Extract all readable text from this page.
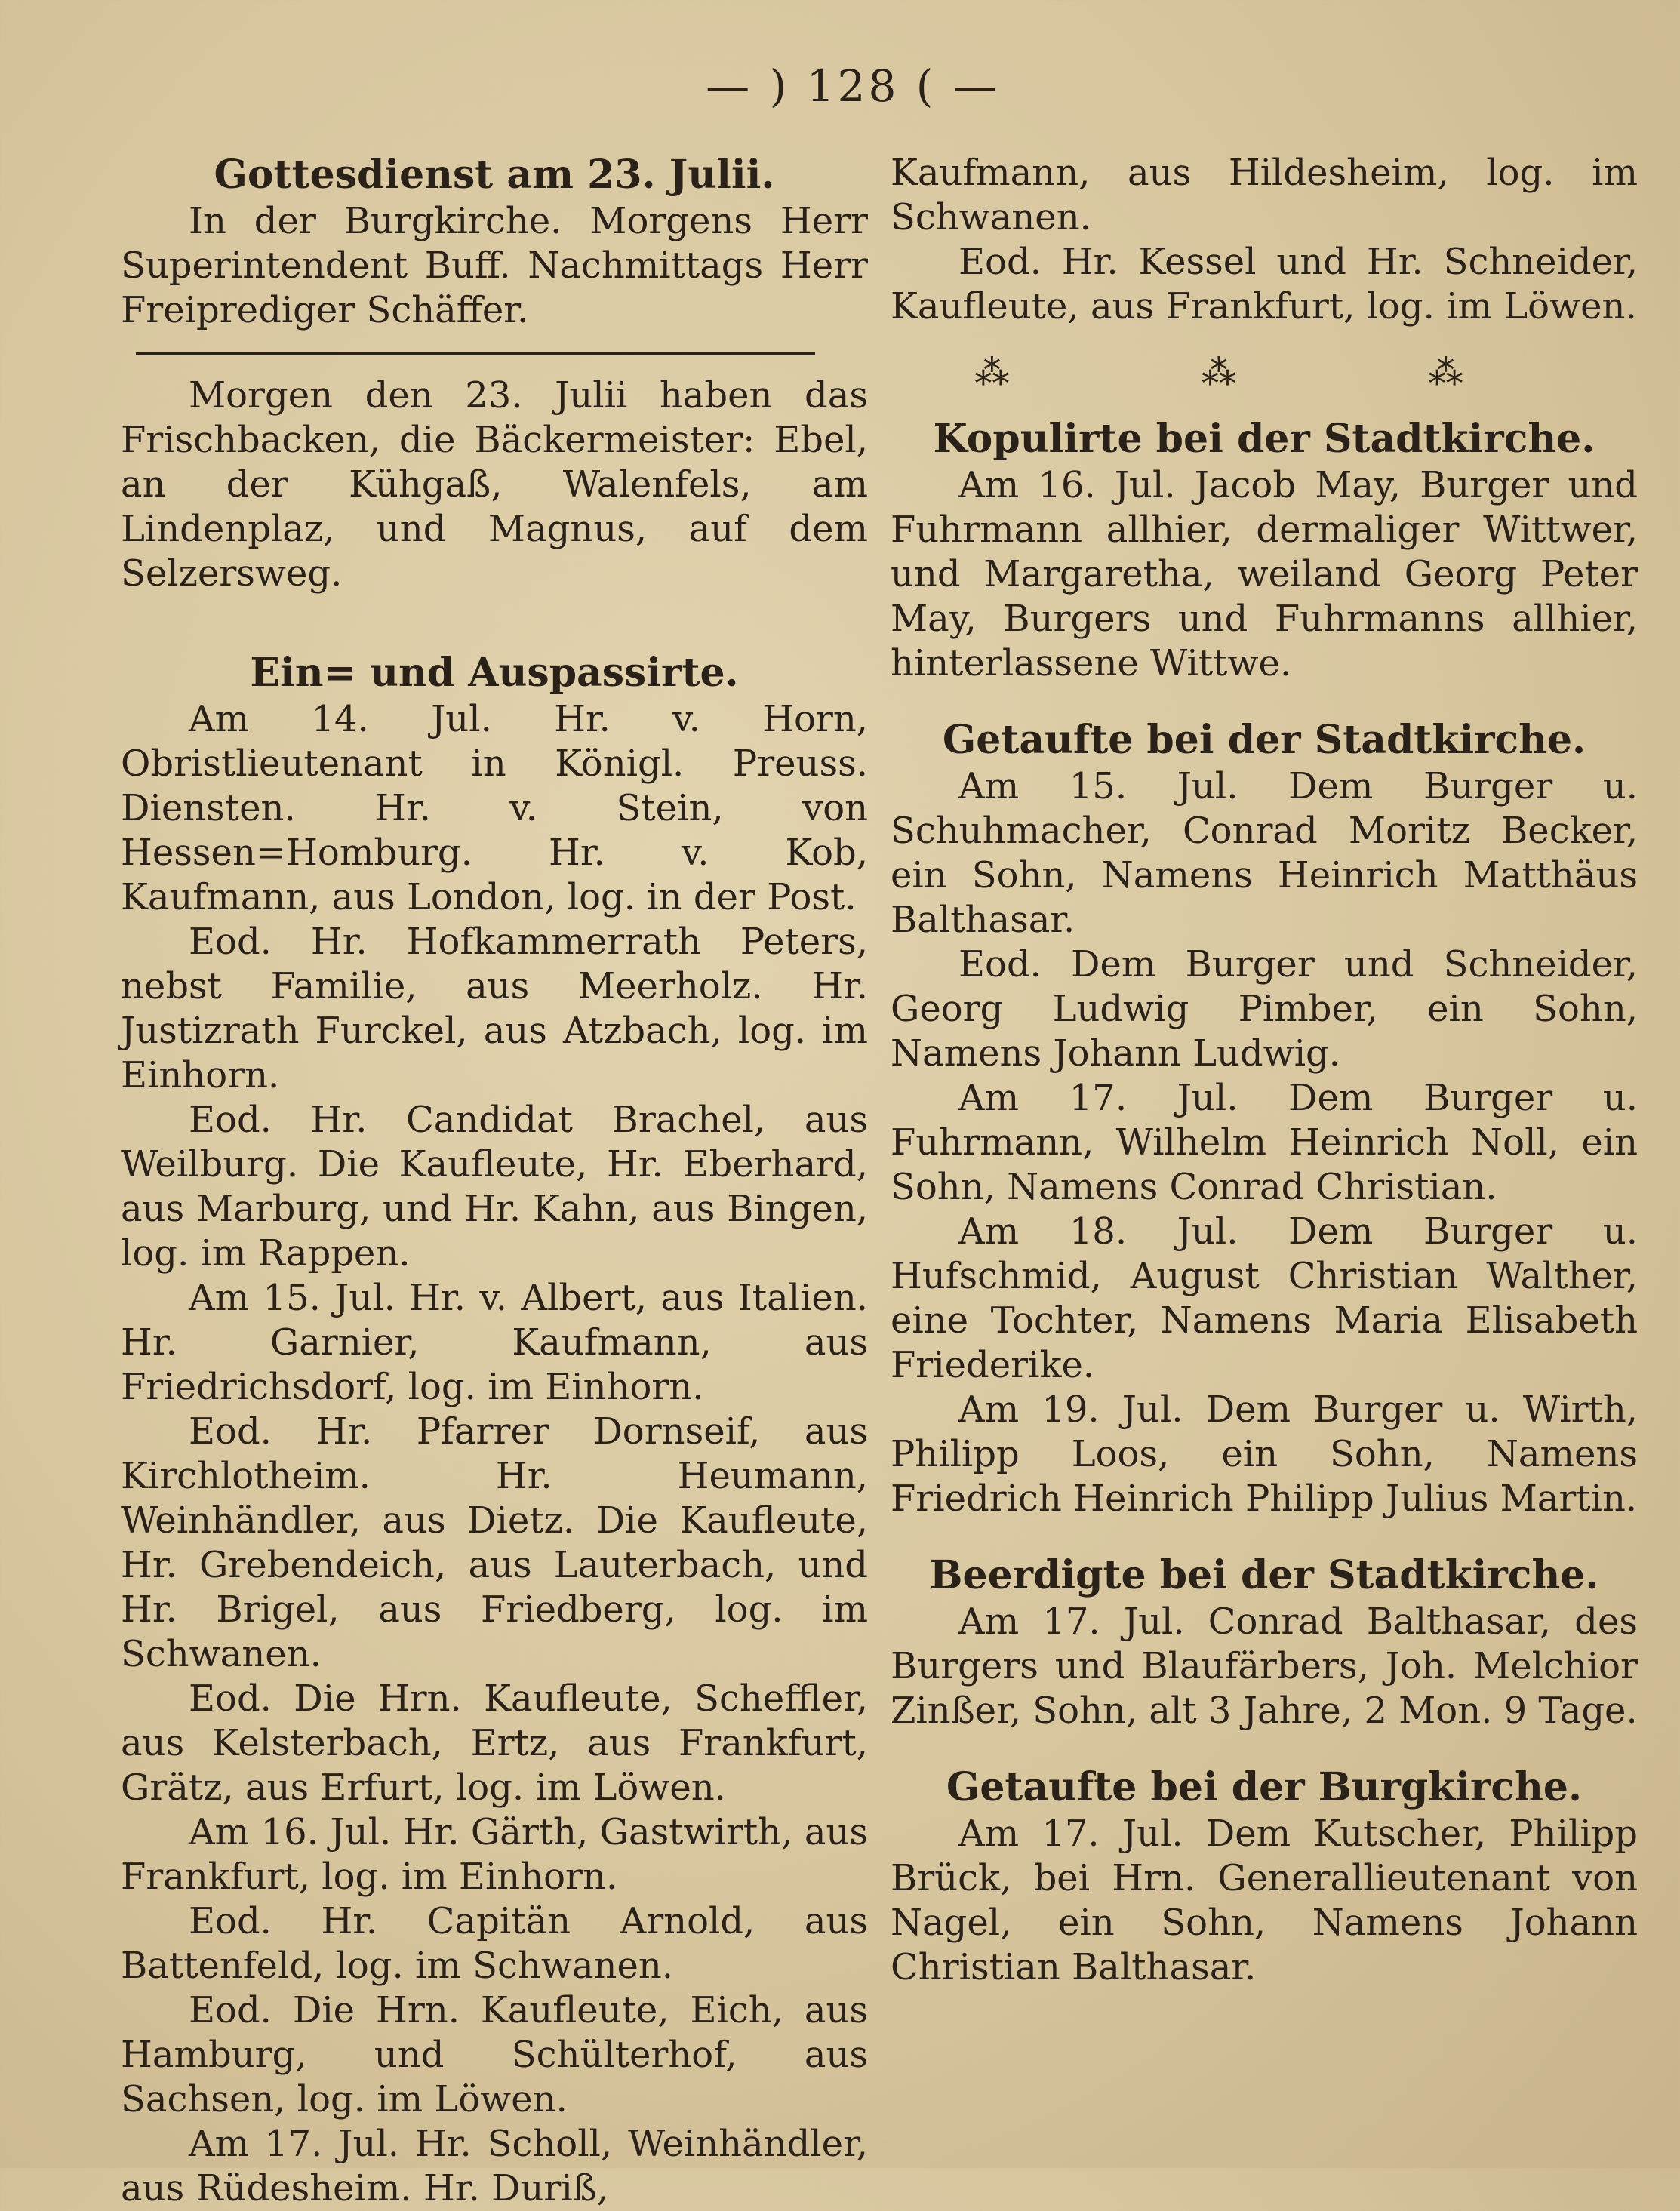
— ) 128 ( —
Gottesdienst am 23. Julii.

In der Burgkirche. Morgens Herr Superintendent Buff. Nachmittags Herr Freiprediger Schäffer.

Morgen den 23. Julii haben das Frischbacken, die Bäckermeister: Ebel, an der Kühgaß, Walenfels, am Lindenplaz, und Magnus, auf dem Selzersweg.

Ein= und Auspassirte.

Am 14. Jul. Hr. v. Horn, Obristlieutenant in Königl. Preuss. Diensten. Hr. v. Stein, von Hessen=Homburg. Hr. v. Kob, Kaufmann, aus London, log. in der Post.

Eod. Hr. Hofkammerrath Peters, nebst Familie, aus Meerholz. Hr. Justizrath Furckel, aus Atzbach, log. im Einhorn.

Eod. Hr. Candidat Brachel, aus Weilburg. Die Kaufleute, Hr. Eberhard, aus Marburg, und Hr. Kahn, aus Bingen, log. im Rappen.

Am 15. Jul. Hr. v. Albert, aus Italien. Hr. Garnier, Kaufmann, aus Friedrichsdorf, log. im Einhorn.

Eod. Hr. Pfarrer Dornseif, aus Kirchlotheim. Hr. Heumann, Weinhändler, aus Dietz. Die Kaufleute, Hr. Grebendeich, aus Lauterbach, und Hr. Brigel, aus Friedberg, log. im Schwanen.

Eod. Die Hrn. Kaufleute, Scheffler, aus Kelsterbach, Ertz, aus Frankfurt, Grätz, aus Erfurt, log. im Löwen.

Am 16. Jul. Hr. Gärth, Gastwirth, aus Frankfurt, log. im Einhorn.

Eod. Hr. Capitän Arnold, aus Battenfeld, log. im Schwanen.

Eod. Die Hrn. Kaufleute, Eich, aus Hamburg, und Schülterhof, aus Sachsen, log. im Löwen.

Am 17. Jul. Hr. Scholl, Weinhändler, aus Rüdesheim. Hr. Duriß,

Kaufmann, aus Hildesheim, log. im Schwanen.

Eod. Hr. Kessel und Hr. Schneider, Kaufleute, aus Frankfurt, log. im Löwen.

⁂ ⁂ ⁂
Kopulirte bei der Stadtkirche.

Am 16. Jul. Jacob May, Burger und Fuhrmann allhier, dermaliger Wittwer, und Margaretha, weiland Georg Peter May, Burgers und Fuhrmanns allhier, hinterlassene Wittwe.

Getaufte bei der Stadtkirche.

Am 15. Jul. Dem Burger u. Schuhmacher, Conrad Moritz Becker, ein Sohn, Namens Heinrich Matthäus Balthasar.

Eod. Dem Burger und Schneider, Georg Ludwig Pimber, ein Sohn, Namens Johann Ludwig.

Am 17. Jul. Dem Burger u. Fuhrmann, Wilhelm Heinrich Noll, ein Sohn, Namens Conrad Christian.

Am 18. Jul. Dem Burger u. Hufschmid, August Christian Walther, eine Tochter, Namens Maria Elisabeth Friederike.

Am 19. Jul. Dem Burger u. Wirth, Philipp Loos, ein Sohn, Namens Friedrich Heinrich Philipp Julius Martin.

Beerdigte bei der Stadtkirche.

Am 17. Jul. Conrad Balthasar, des Burgers und Blaufärbers, Joh. Melchior Zinßer, Sohn, alt 3 Jahre, 2 Mon. 9 Tage.

Getaufte bei der Burgkirche.

Am 17. Jul. Dem Kutscher, Philipp Brück, bei Hrn. Generallieutenant von Nagel, ein Sohn, Namens Johann Christian Balthasar.
